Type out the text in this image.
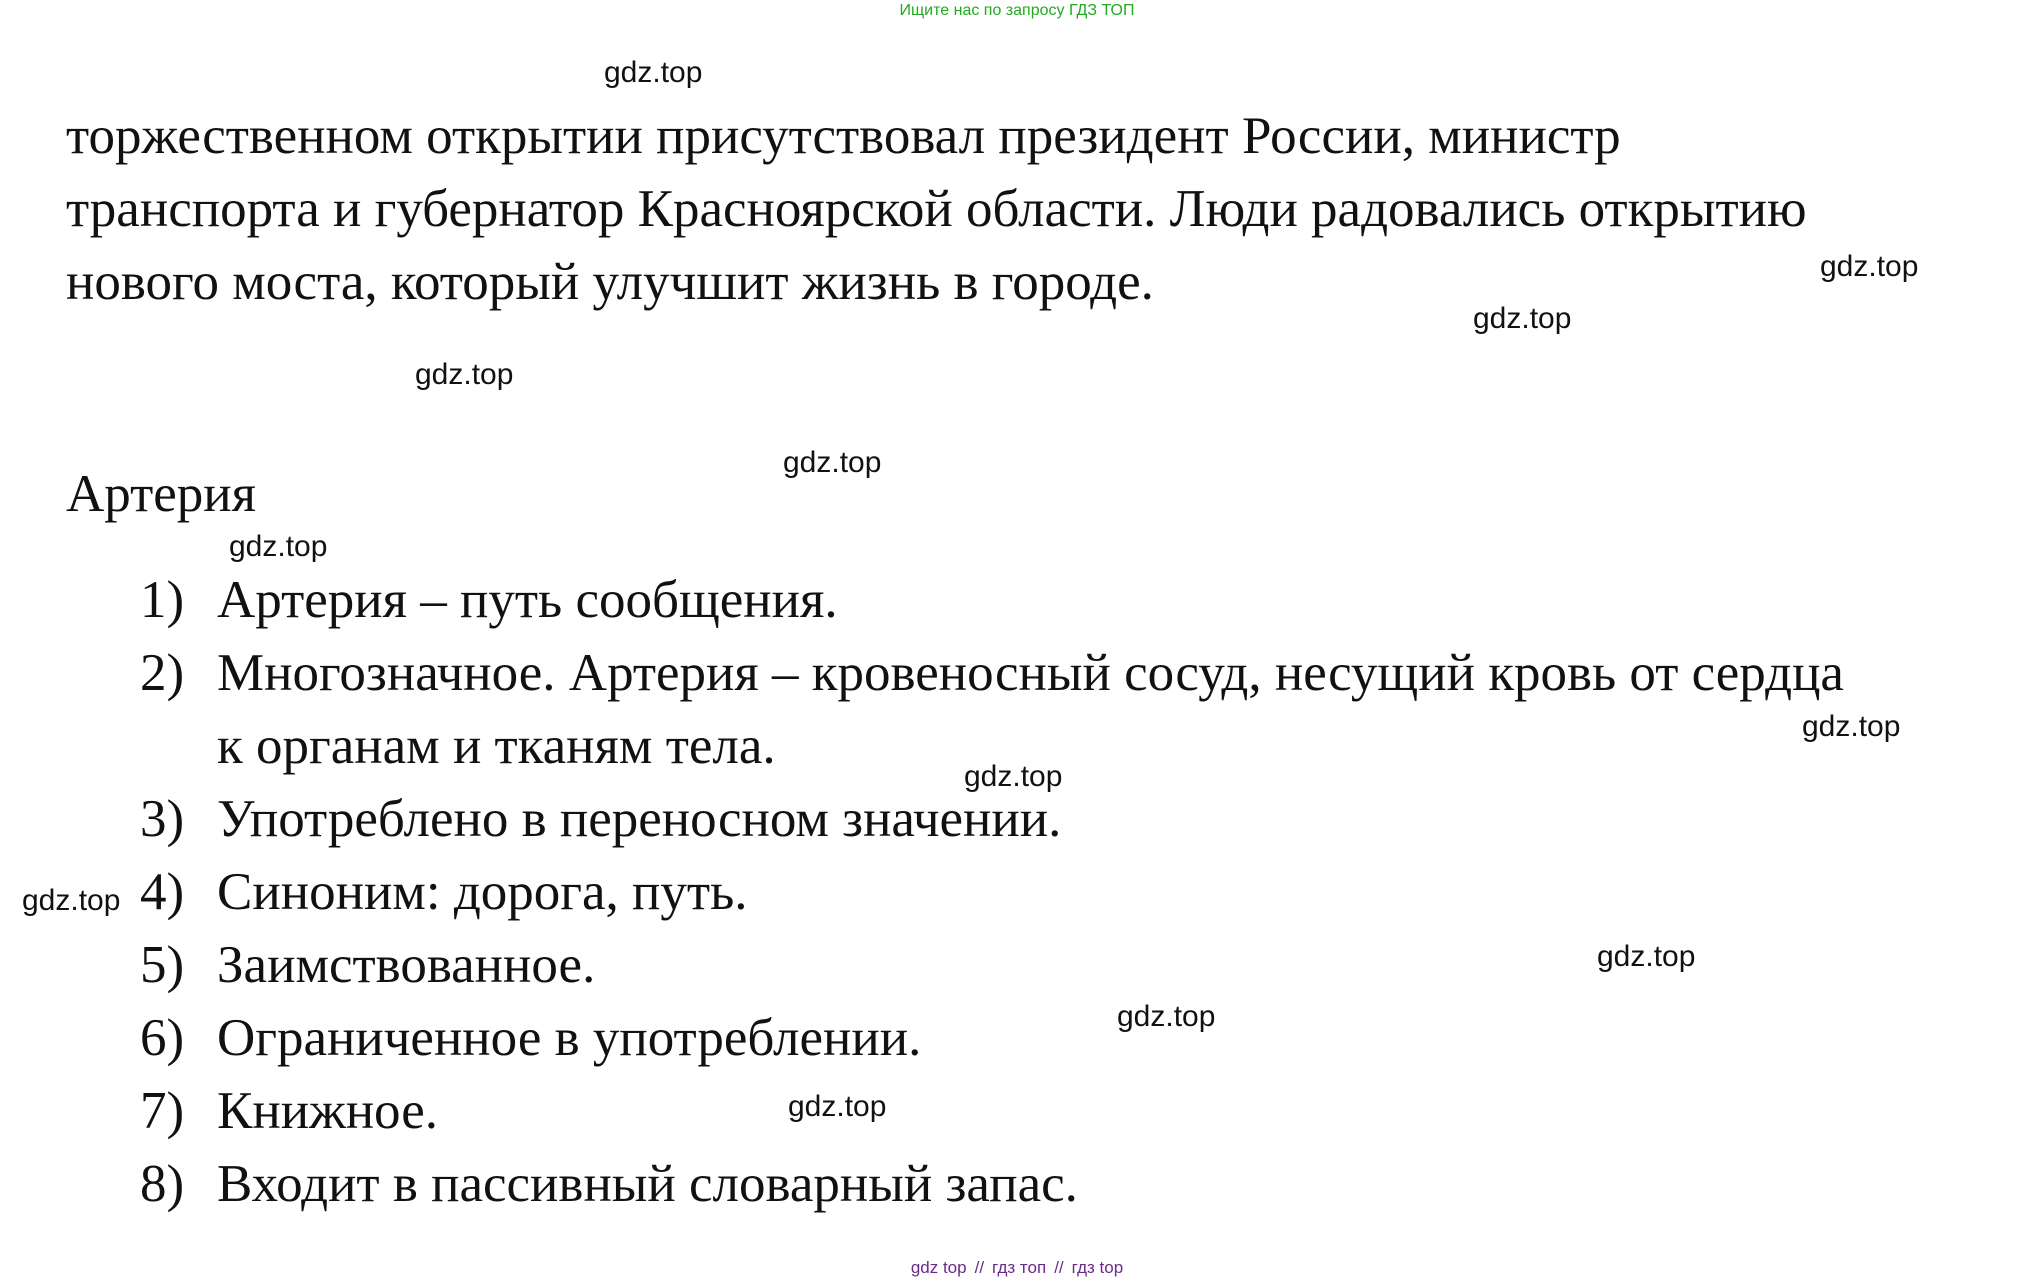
Ищите нас по запросу ГДЗ ТОП

торжественном открытии присутствовал президент России, министр
транспорта и губернатор Красноярской области. Люди радовались открытию
нового моста, который улучшит жизнь в городе.

Артерия
1) Артерия – путь сообщения.
2) Многозначное. Артерия – кровеносный сосуд, несущий кровь от сердца
к органам и тканям тела.
3) Употреблено в переносном значении.
4) Синоним: дорога, путь.
5) Заимствованное.
6) Ограниченное в употреблении.
7) Книжное.
8) Входит в пассивный словарный запас.
gdz.top
gdz.top
gdz.top
gdz.top
gdz.top
gdz.top
gdz.top
gdz.top
gdz.top
gdz.top
gdz.top
gdz.top
gdz top // гдз топ // гдз top
